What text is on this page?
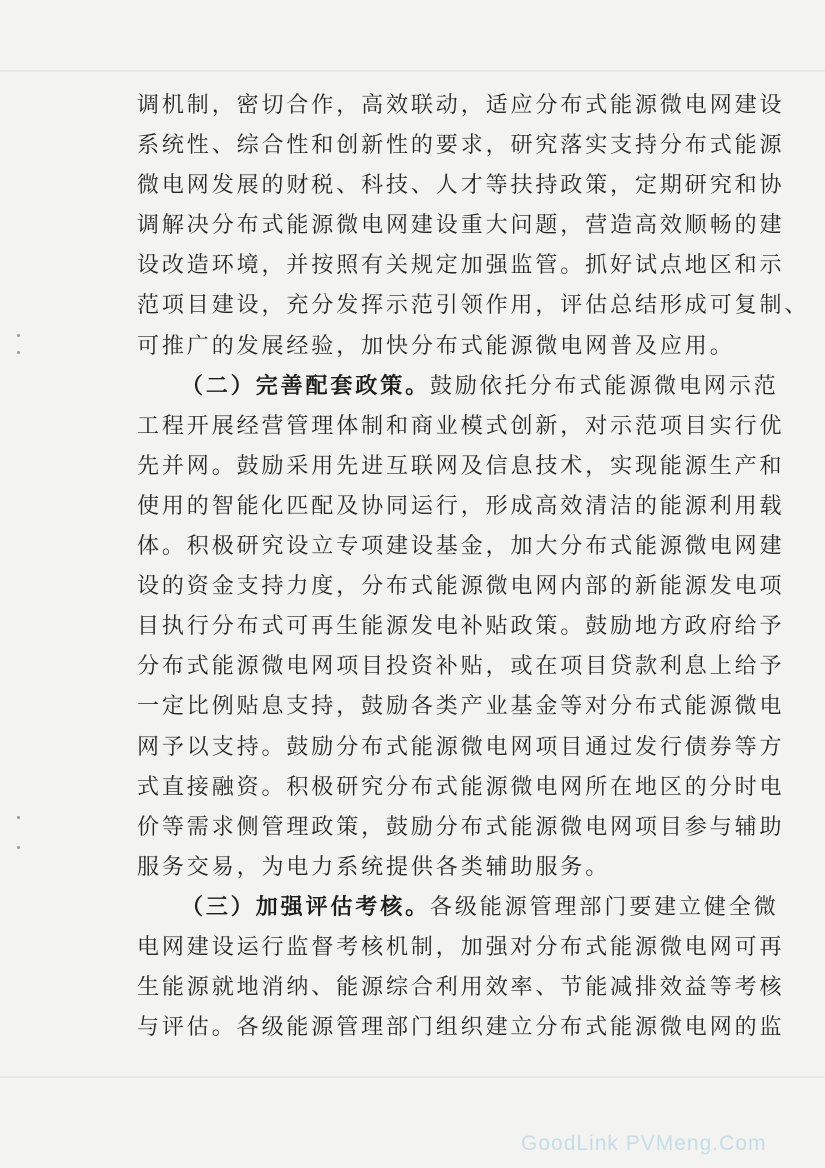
调机制，密切合作，高效联动，适应分布式能源微电网建设
系统性、综合性和创新性的要求，研究落实支持分布式能源
微电网发展的财税、科技、人才等扶持政策，定期研究和协
调解决分布式能源微电网建设重大问题，营造高效顺畅的建
设改造环境，并按照有关规定加强监管。抓好试点地区和示
范项目建设，充分发挥示范引领作用，评估总结形成可复制、
可推广的发展经验，加快分布式能源微电网普及应用。
（二）完善配套政策。鼓励依托分布式能源微电网示范
工程开展经营管理体制和商业模式创新，对示范项目实行优
先并网。鼓励采用先进互联网及信息技术，实现能源生产和
使用的智能化匹配及协同运行，形成高效清洁的能源利用载
体。积极研究设立专项建设基金，加大分布式能源微电网建
设的资金支持力度，分布式能源微电网内部的新能源发电项
目执行分布式可再生能源发电补贴政策。鼓励地方政府给予
分布式能源微电网项目投资补贴，或在项目贷款利息上给予
一定比例贴息支持，鼓励各类产业基金等对分布式能源微电
网予以支持。鼓励分布式能源微电网项目通过发行债券等方
式直接融资。积极研究分布式能源微电网所在地区的分时电
价等需求侧管理政策，鼓励分布式能源微电网项目参与辅助
服务交易，为电力系统提供各类辅助服务。
（三）加强评估考核。各级能源管理部门要建立健全微
电网建设运行监督考核机制，加强对分布式能源微电网可再
生能源就地消纳、能源综合利用效率、节能减排效益等考核
与评估。各级能源管理部门组织建立分布式能源微电网的监
GoodLink PVMeng.Com
